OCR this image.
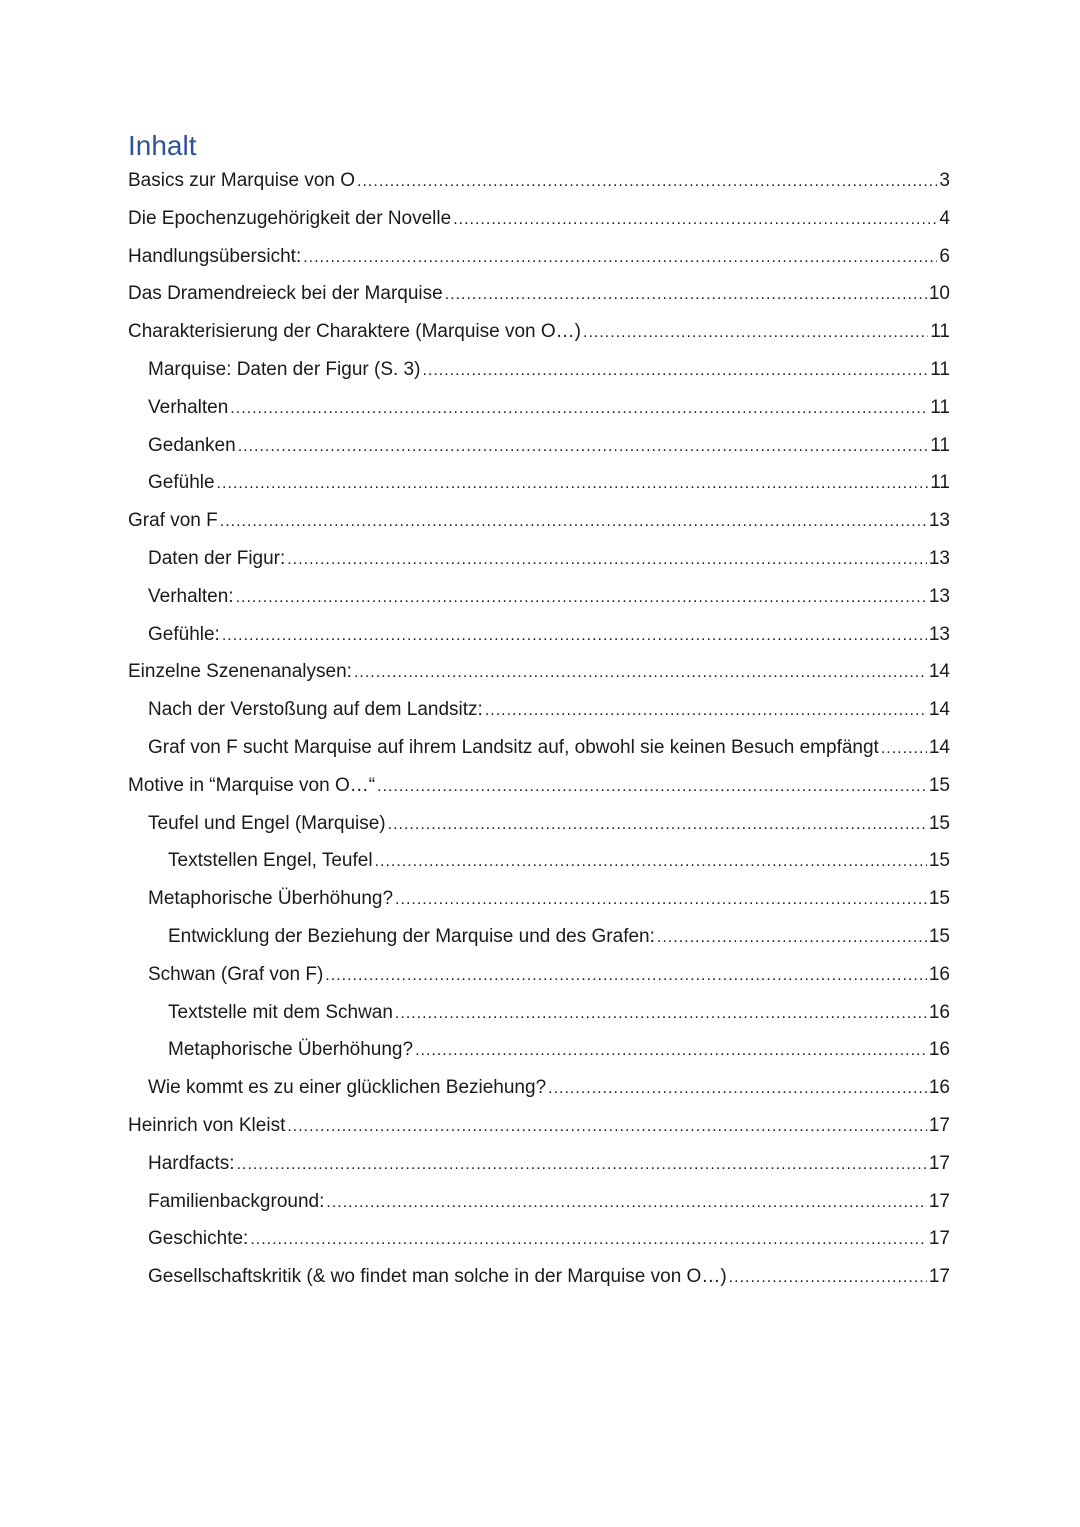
Inhalt
Basics zur Marquise von O .....	3
Die Epochenzugehörigkeit der Novelle .....	4
Handlungsübersicht: .....	6
Das Dramendreieck bei der Marquise .....	10
Charakterisierung der Charaktere (Marquise von O…) .....	11
Marquise: Daten der Figur (S. 3) .....	11
Verhalten .....	11
Gedanken .....	11
Gefühle .....	11
Graf von F .....	13
Daten der Figur: .....	13
Verhalten: .....	13
Gefühle: .....	13
Einzelne Szenenanalysen: .....	14
Nach der Verstoßung auf dem Landsitz: .....	14
Graf von F sucht Marquise auf ihrem Landsitz auf, obwohl sie keinen Besuch empfängt .....	14
Motive in “Marquise von O…“ .....	15
Teufel und Engel (Marquise) .....	15
Textstellen Engel, Teufel .....	15
Metaphorische Überhöhung? .....	15
Entwicklung der Beziehung der Marquise und des Grafen: .....	15
Schwan (Graf von F) .....	16
Textstelle mit dem Schwan .....	16
Metaphorische Überhöhung? .....	16
Wie kommt es zu einer glücklichen Beziehung? .....	16
Heinrich von Kleist .....	17
Hardfacts: .....	17
Familienbackground: .....	17
Geschichte: .....	17
Gesellschaftskritik (& wo findet man solche in der Marquise von O…) .....	17
